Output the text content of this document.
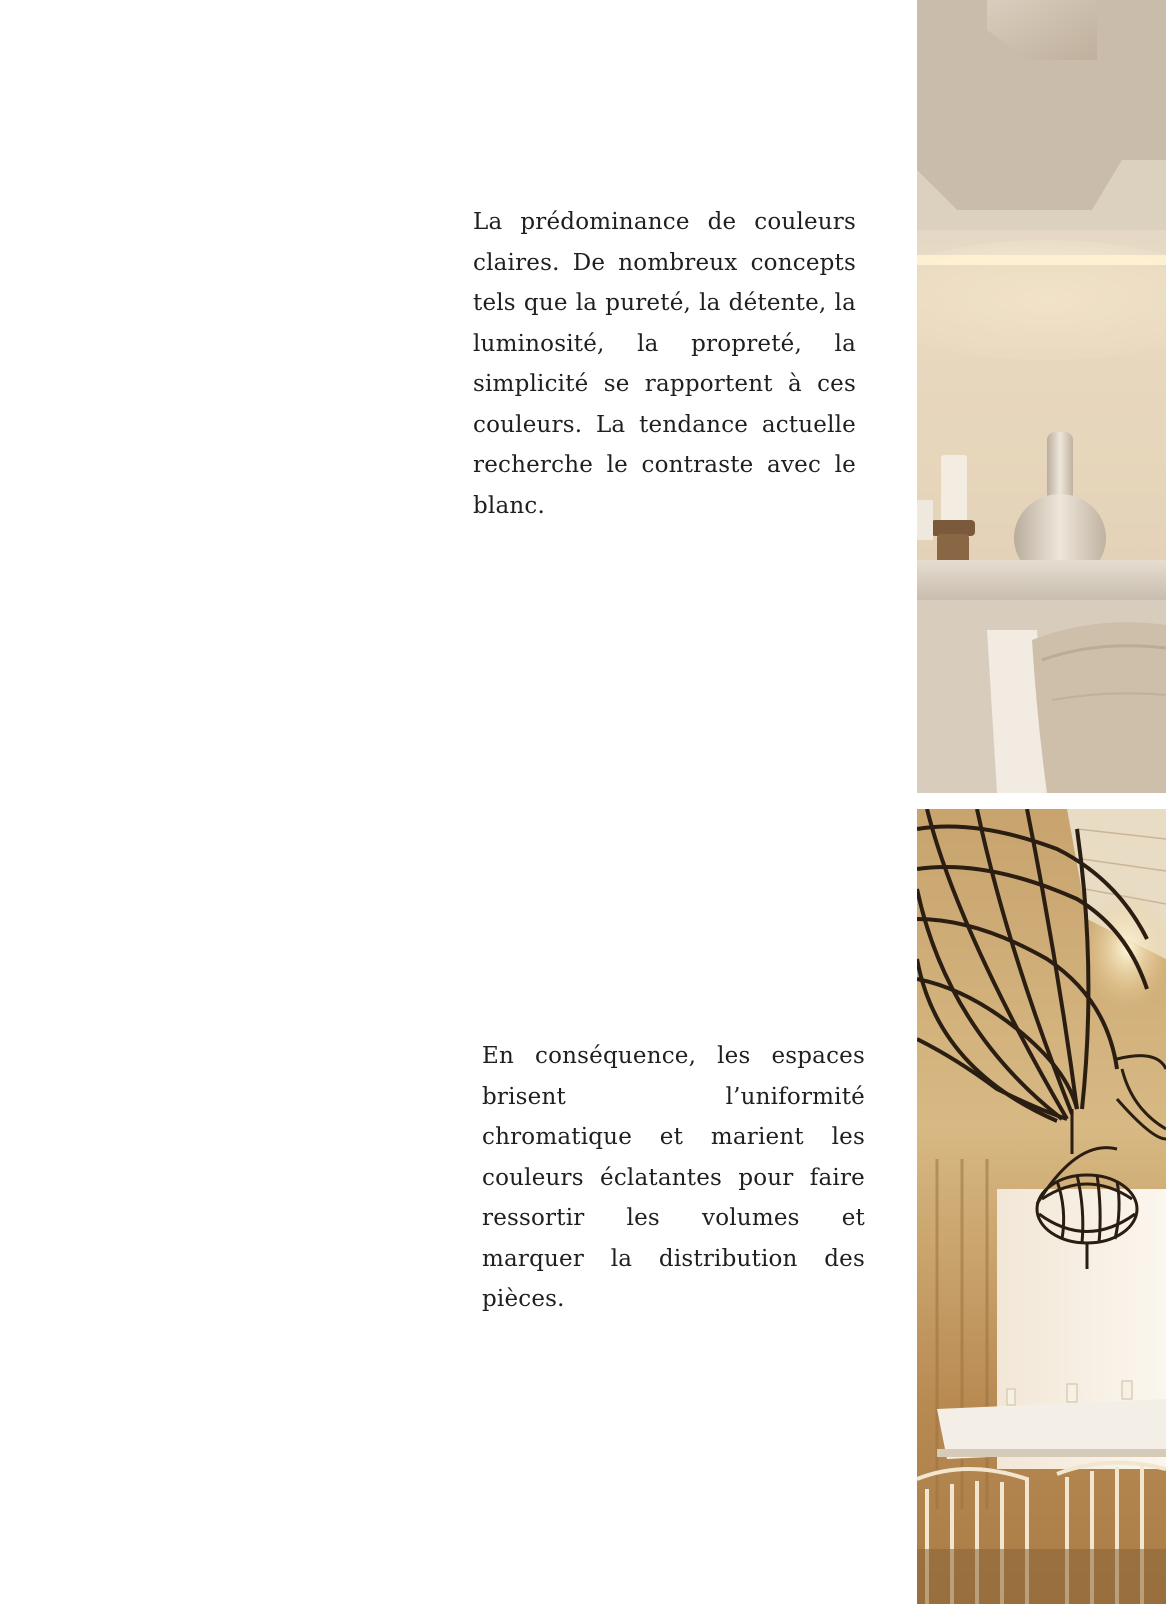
La prédominance de couleurs claires. De nombreux concepts tels que la pureté, la détente, la luminosité, la propreté, la simplicité se rapportent à ces couleurs. La tendance actuelle recherche le contraste avec le blanc.

En conséquence, les espaces brisent l’uniformité chromatique et marient les couleurs éclatantes pour faire ressortir les volumes et marquer la distribution des pièces.
